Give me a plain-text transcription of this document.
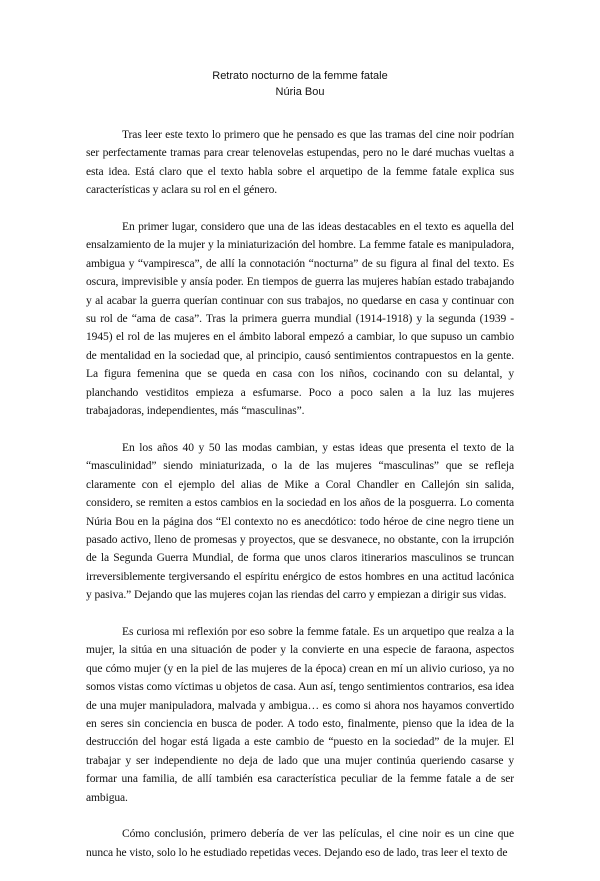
Retrato nocturno de la femme fatale
Núria Bou

Tras leer este texto lo primero que he pensado es que las tramas del cine noir podrían ser perfectamente tramas para crear telenovelas estupendas, pero no le daré muchas vueltas a esta idea. Está claro que el texto habla sobre el arquetipo de la femme fatale explica sus características y aclara su rol en el género.

En primer lugar, considero que una de las ideas destacables en el texto es aquella del ensalzamiento de la mujer y la miniaturización del hombre. La femme fatale es manipuladora, ambigua y “vampiresca”, de allí la connotación “nocturna” de su figura al final del texto. Es oscura, imprevisible y ansía poder. En tiempos de guerra las mujeres habían estado trabajando y al acabar la guerra querían continuar con sus trabajos, no quedarse en casa y continuar con su rol de “ama de casa”. Tras la primera guerra mundial (1914-1918) y la segunda (1939 - 1945) el rol de las mujeres en el ámbito laboral empezó a cambiar, lo que supuso un cambio de mentalidad en la sociedad que, al principio, causó sentimientos contrapuestos en la gente. La figura femenina que se queda en casa con los niños, cocinando con su delantal, y planchando vestiditos empieza a esfumarse. Poco a poco salen a la luz las mujeres trabajadoras, independientes, más “masculinas”.

En los años 40 y 50 las modas cambian, y estas ideas que presenta el texto de la “masculinidad” siendo miniaturizada, o la de las mujeres “masculinas” que se refleja claramente con el ejemplo del alias de Mike a Coral Chandler en Callejón sin salida, considero, se remiten a estos cambios en la sociedad en los años de la posguerra. Lo comenta Núria Bou en la página dos “El contexto no es anecdótico: todo héroe de cine negro tiene un pasado activo, lleno de promesas y proyectos, que se desvanece, no obstante, con la irrupción de la Segunda Guerra Mundial, de forma que unos claros itinerarios masculinos se truncan irreversiblemente tergiversando el espíritu enérgico de estos hombres en una actitud lacónica y pasiva.” Dejando que las mujeres cojan las riendas del carro y empiezan a dirigir sus vidas.

Es curiosa mi reflexión por eso sobre la femme fatale. Es un arquetipo que realza a la mujer, la sitúa en una situación de poder y la convierte en una especie de faraona, aspectos que cómo mujer (y en la piel de las mujeres de la época) crean en mí un alivio curioso, ya no somos vistas como víctimas u objetos de casa. Aun así, tengo sentimientos contrarios, esa idea de una mujer manipuladora, malvada y ambigua… es como si ahora nos hayamos convertido en seres sin conciencia en busca de poder. A todo esto, finalmente, pienso que la idea de la destrucción del hogar está ligada a este cambio de “puesto en la sociedad” de la mujer. El trabajar y ser independiente no deja de lado que una mujer continúa queriendo casarse y formar una familia, de allí también esa característica peculiar de la femme fatale a de ser ambigua.

Cómo conclusión, primero debería de ver las películas, el cine noir es un cine que nunca he visto, solo lo he estudiado repetidas veces. Dejando eso de lado, tras leer el texto de
